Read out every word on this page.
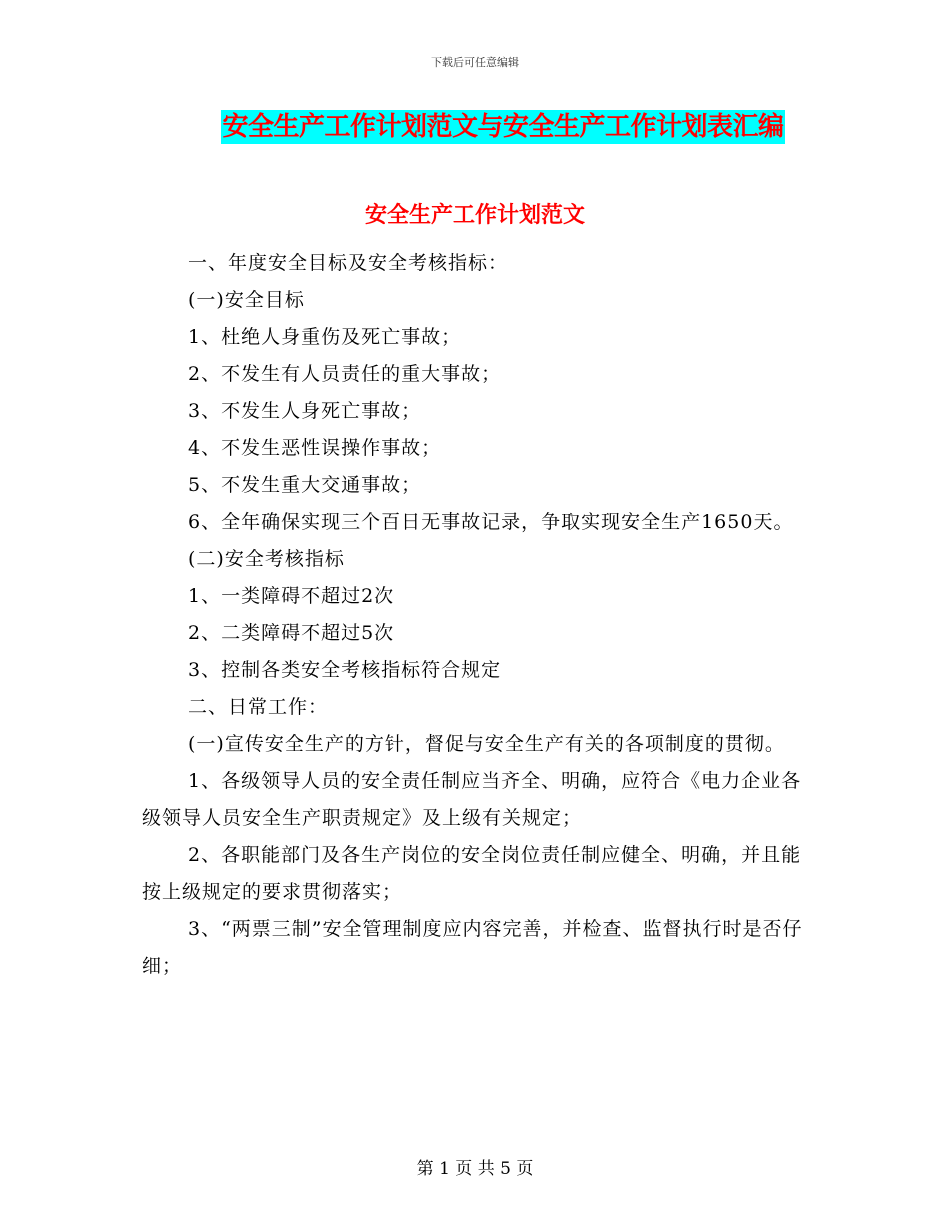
下载后可任意编辑
安全生产工作计划范文与安全生产工作计划表汇编
安全生产工作计划范文

一、年度安全目标及安全考核指标：

(一)安全目标

1、杜绝人身重伤及死亡事故；

2、不发生有人员责任的重大事故；

3、不发生人身死亡事故；

4、不发生恶性误操作事故；

5、不发生重大交通事故；

6、全年确保实现三个百日无事故记录，争取实现安全生产1650天。

(二)安全考核指标

1、一类障碍不超过2次

2、二类障碍不超过5次

3、控制各类安全考核指标符合规定

二、日常工作：

(一)宣传安全生产的方针，督促与安全生产有关的各项制度的贯彻。

1、各级领导人员的安全责任制应当齐全、明确，应符合《电力企业各级领导人员安全生产职责规定》及上级有关规定；

2、各职能部门及各生产岗位的安全岗位责任制应健全、明确，并且能按上级规定的要求贯彻落实；

3、“两票三制”安全管理制度应内容完善，并检查、监督执行时是否仔细；

第 1 页 共 5 页
